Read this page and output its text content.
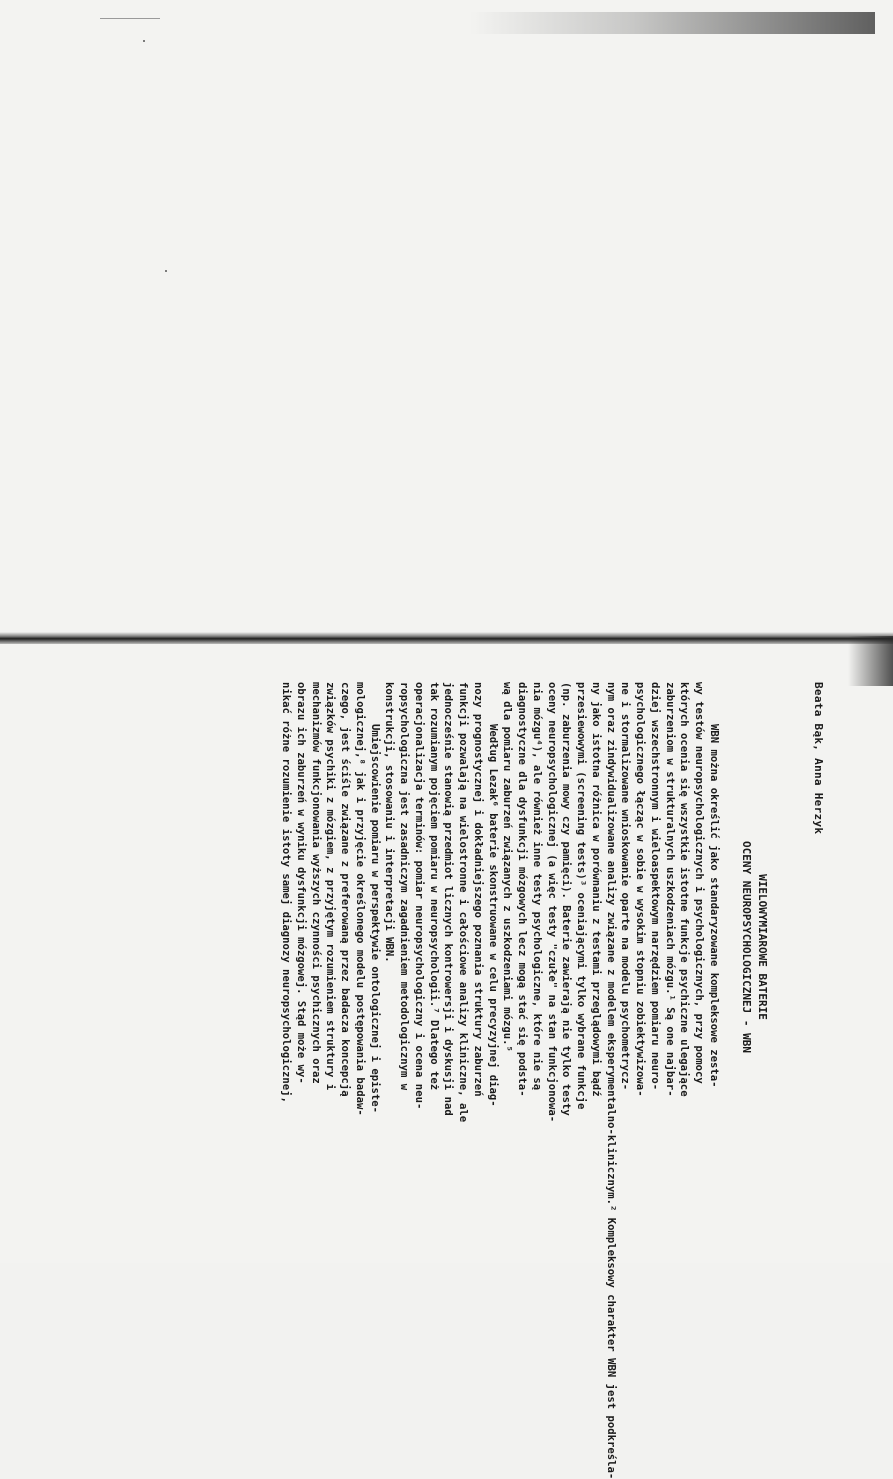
Beata Bąk, Anna Herzyk
WIELOWYMIAROWE BATERIE
OCENY NEUROPSYCHOLOGICZNEJ - WBN
WBN można określić jako standaryzowane kompleksowe zesta-
wy testów neuropsychologicznych i psychologicznych, przy pomocy
których ocenia się wszystkie istotne funkcje psychiczne ulegające
zaburzeniom w strukturalnych uszkodzeniach mózgu.¹ Są one najbar-
dziej wszechstronnym i wieloaspektowym narzędziem pomiaru neuro-
psychologicznego łącząc w sobie w wysokim stopniu zobiektywizowa-
ne i stormalizowane wnioskowanie oparte na modelu psychometrycz-
nym oraz zindywidualizowane analizy związane z modelem eksperymentalno-klinicznym.² Kompleksowy charakter WBN jest podkreśla-
ny jako istotna różnica w porównaniu z testami przeglądowymi bądź
przesiewowymi (screening tests)³ oceniającymi tylko wybrane funkcje
(np. zaburzenia mowy czy pamięci). Baterie zawierają nie tylko testy
oceny neuropsychologicznej (a więc testy "czułe" na stan funkcjonowa-
nia mózgu⁴), ale również inne testy psychologiczne, które nie są
diagnostyczne dla dysfunkcji mózgowych lecz mogą stać się podsta-
wą dla pomiaru zaburzeń związanych z uszkodzeniami mózgu.⁵
Według Lezak⁶ baterie skonstruowane w celu precyzyjnej diag-
nozy prognostycznej i dokładniejszego poznania struktury zaburzeń
funkcji pozwalają na wielostronne i całościowe analizy kliniczne, ale
jednocześnie stanowią przedmiot licznych kontrowersji i dyskusji nad
tak rozumianym pojęciem pomiaru w neuropsychologii.⁷ Dlatego też
operacjonalizacja terminów: pomiar neuropsychologiczny i ocena neu-
ropsychologiczna jest zasadniczym zagadnieniem metodologicznym w
konstrukcji, stosowaniu i interpretacji WBN.
Umiejscowienie pomiaru w perspektywie ontologicznej i episte-
mologicznej,⁸ jak i przyjęcie określonego modelu postępowania badaw-
czego, jest ściśle związane z preferowaną przez badacza koncepcją
związków psychiki z mózgiem, z przyjętym rozumieniem struktury i
mechanizmów funkcjonowania wyższych czynności psychicznych oraz
obrazu ich zaburzeń w wyniku dysfunkcji mózgowej. Stąd może wy-
nikać różne rozumienie istoty samej diagnozy neuropsychologicznej,
